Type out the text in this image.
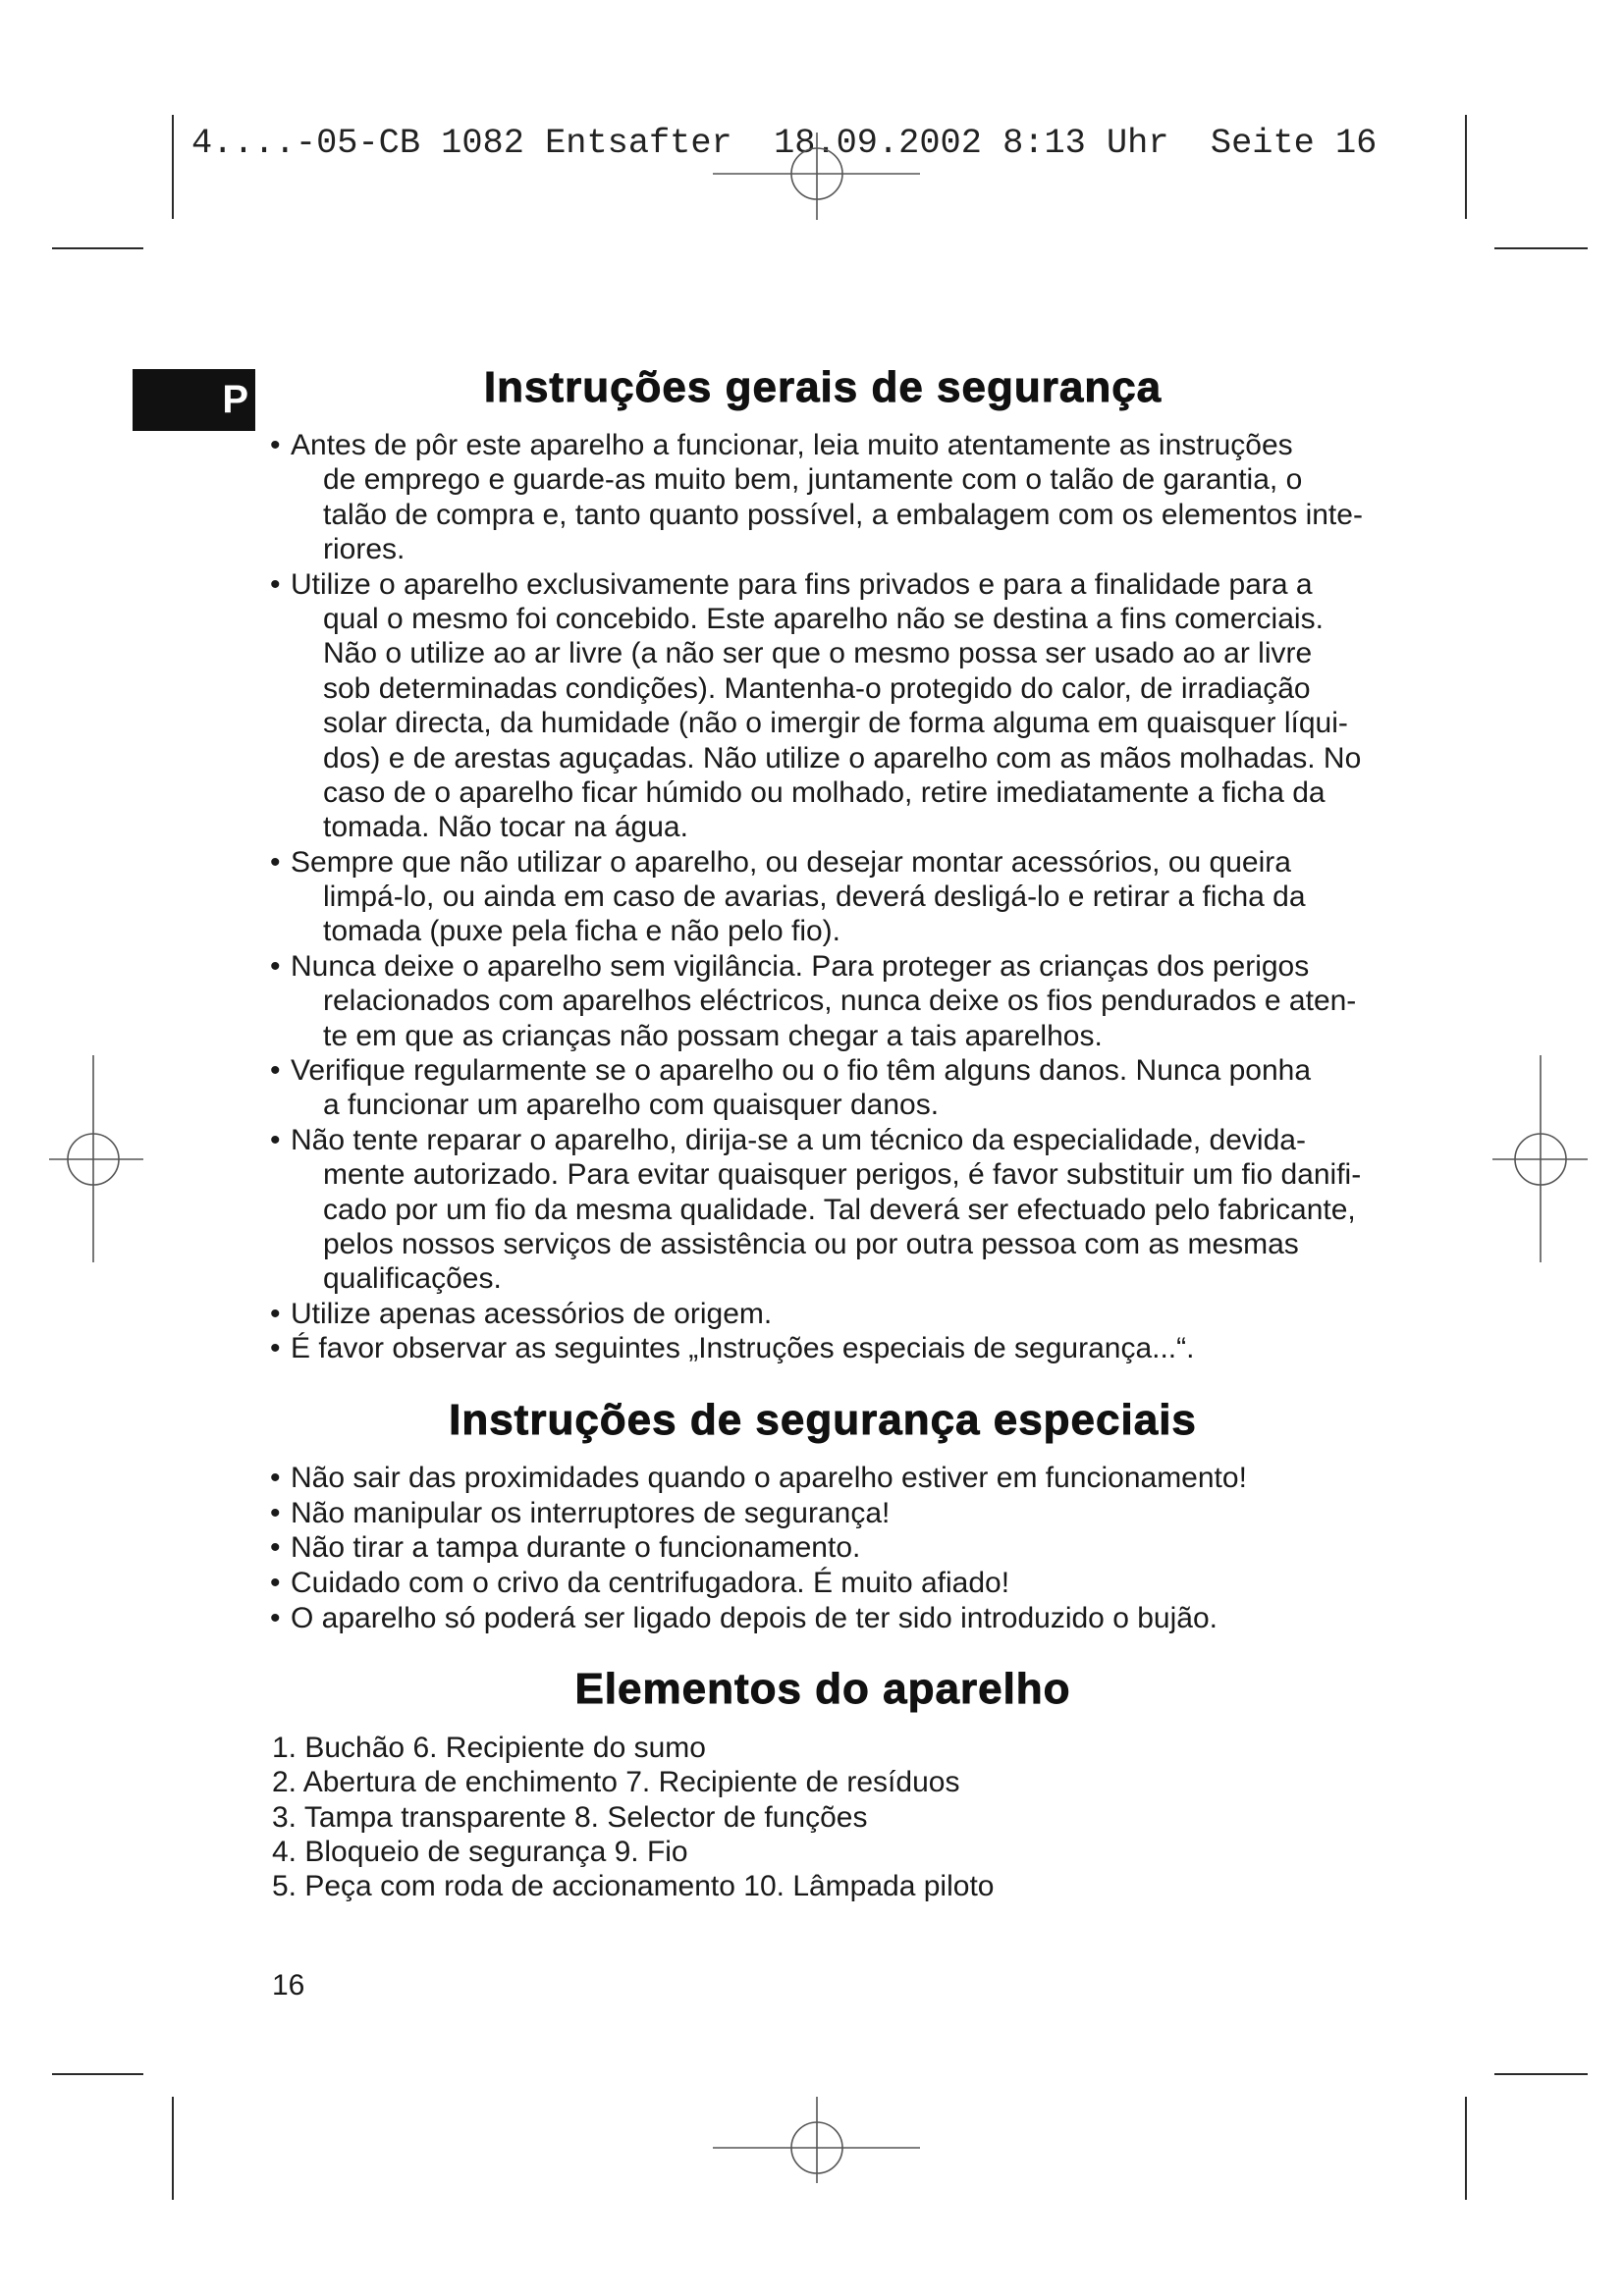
4....-05-CB 1082 Entsafter  18.09.2002 8:13 Uhr  Seite 16
P	Instruções gerais de segurança
• Antes de pôr este aparelho a funcionar, leia muito atentamente as instruções
de emprego e guarde-as muito bem, juntamente com o talão de garantia, o
talão de compra e, tanto quanto possível, a embalagem com os elementos inte-
riores.
• Utilize o aparelho exclusivamente para fins privados e para a finalidade para a
qual o mesmo foi concebido. Este aparelho não se destina a fins comerciais.
Não o utilize ao ar livre (a não ser que o mesmo possa ser usado ao ar livre
sob determinadas condições). Mantenha-o protegido do calor, de irradiação
solar directa, da humidade (não o imergir de forma alguma em quaisquer líqui-
dos) e de arestas aguçadas. Não utilize o aparelho com as mãos molhadas. No
caso de o aparelho ficar húmido ou molhado, retire imediatamente a ficha da
tomada. Não tocar na água.
• Sempre que não utilizar o aparelho, ou desejar montar acessórios, ou queira
limpá-lo, ou ainda em caso de avarias, deverá desligá-lo e retirar a ficha da
tomada (puxe pela ficha e não pelo fio).
• Nunca deixe o aparelho sem vigilância. Para proteger as crianças dos perigos
relacionados com aparelhos eléctricos, nunca deixe os fios pendurados e aten-
te em que as crianças não possam chegar a tais aparelhos.
• Verifique regularmente se o aparelho ou o fio têm alguns danos. Nunca ponha
a funcionar um aparelho com quaisquer danos.
• Não tente reparar o aparelho, dirija-se a um técnico da especialidade, devida-
mente autorizado. Para evitar quaisquer perigos, é favor substituir um fio danifi-
cado por um fio da mesma qualidade. Tal deverá ser efectuado pelo fabricante,
pelos nossos serviços de assistência ou por outra pessoa com as mesmas
qualificações.
• Utilize apenas acessórios de origem.
• É favor observar as seguintes „Instruções especiais de segurança...“.
Instruções de segurança especiais
• Não sair das proximidades quando o aparelho estiver em funcionamento!
• Não manipular os interruptores de segurança!
• Não tirar a tampa durante o funcionamento.
• Cuidado com o crivo da centrifugadora. É muito afiado!
• O aparelho só poderá ser ligado depois de ter sido introduzido o bujão.
Elementos do aparelho
1. Buchão 6. Recipiente do sumo
2. Abertura de enchimento 7. Recipiente de resíduos
3. Tampa transparente 8. Selector de funções
4. Bloqueio de segurança 9. Fio
5. Peça com roda de accionamento 10. Lâmpada piloto
16
